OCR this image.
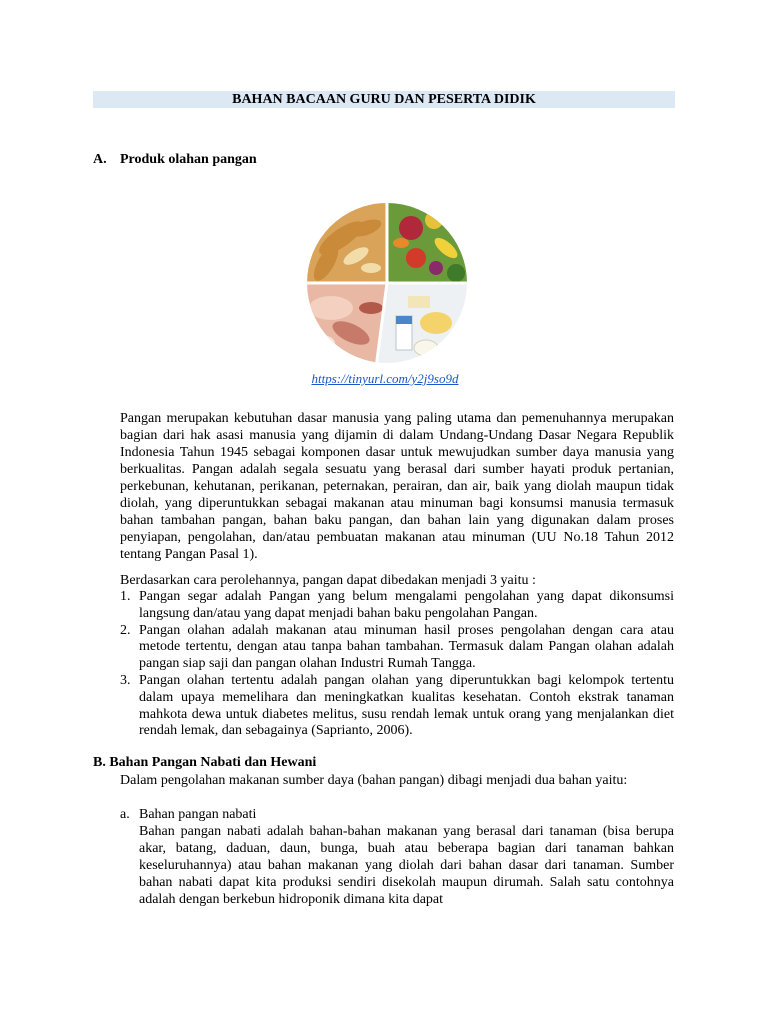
BAHAN BACAAN GURU DAN PESERTA DIDIK
A. Produk olahan pangan
https://tinyurl.com/y2j9so9d
Pangan merupakan kebutuhan dasar manusia yang paling utama dan pemenuhannya merupakan bagian dari hak asasi manusia yang dijamin di dalam Undang-Undang Dasar Negara Republik Indonesia Tahun 1945 sebagai komponen dasar untuk mewujudkan sumber daya manusia yang berkualitas. Pangan adalah segala sesuatu yang berasal dari sumber hayati produk pertanian, perkebunan, kehutanan, perikanan, peternakan, perairan, dan air, baik yang diolah maupun tidak diolah, yang diperuntukkan sebagai makanan atau minuman bagi konsumsi manusia termasuk bahan tambahan pangan, bahan baku pangan, dan bahan lain yang digunakan dalam proses penyiapan, pengolahan, dan/atau pembuatan makanan atau minuman (UU No.18 Tahun 2012 tentang Pangan Pasal 1).
Berdasarkan cara perolehannya, pangan dapat dibedakan menjadi 3 yaitu :
1. Pangan segar adalah Pangan yang belum mengalami pengolahan yang dapat dikonsumsi langsung dan/atau yang dapat menjadi bahan baku pengolahan Pangan.
2. Pangan olahan adalah makanan atau minuman hasil proses pengolahan dengan cara atau metode tertentu, dengan atau tanpa bahan tambahan. Termasuk dalam Pangan olahan adalah pangan siap saji dan pangan olahan Industri Rumah Tangga.
3. Pangan olahan tertentu adalah pangan olahan yang diperuntukkan bagi kelompok tertentu dalam upaya memelihara dan meningkatkan kualitas kesehatan. Contoh ekstrak tanaman mahkota dewa untuk diabetes melitus, susu rendah lemak untuk orang yang menjalankan diet rendah lemak, dan sebagainya (Saprianto, 2006).
B. Bahan Pangan Nabati dan Hewani
Dalam pengolahan makanan sumber daya (bahan pangan) dibagi menjadi dua bahan yaitu:
a. Bahan pangan nabati
Bahan pangan nabati adalah bahan-bahan makanan yang berasal dari tanaman (bisa berupa akar, batang, daduan, daun, bunga, buah atau beberapa bagian dari tanaman bahkan keseluruhannya) atau bahan makanan yang diolah dari bahan dasar dari tanaman. Sumber bahan nabati dapat kita produksi sendiri disekolah maupun dirumah. Salah satu contohnya adalah dengan berkebun hidroponik dimana kita dapat
